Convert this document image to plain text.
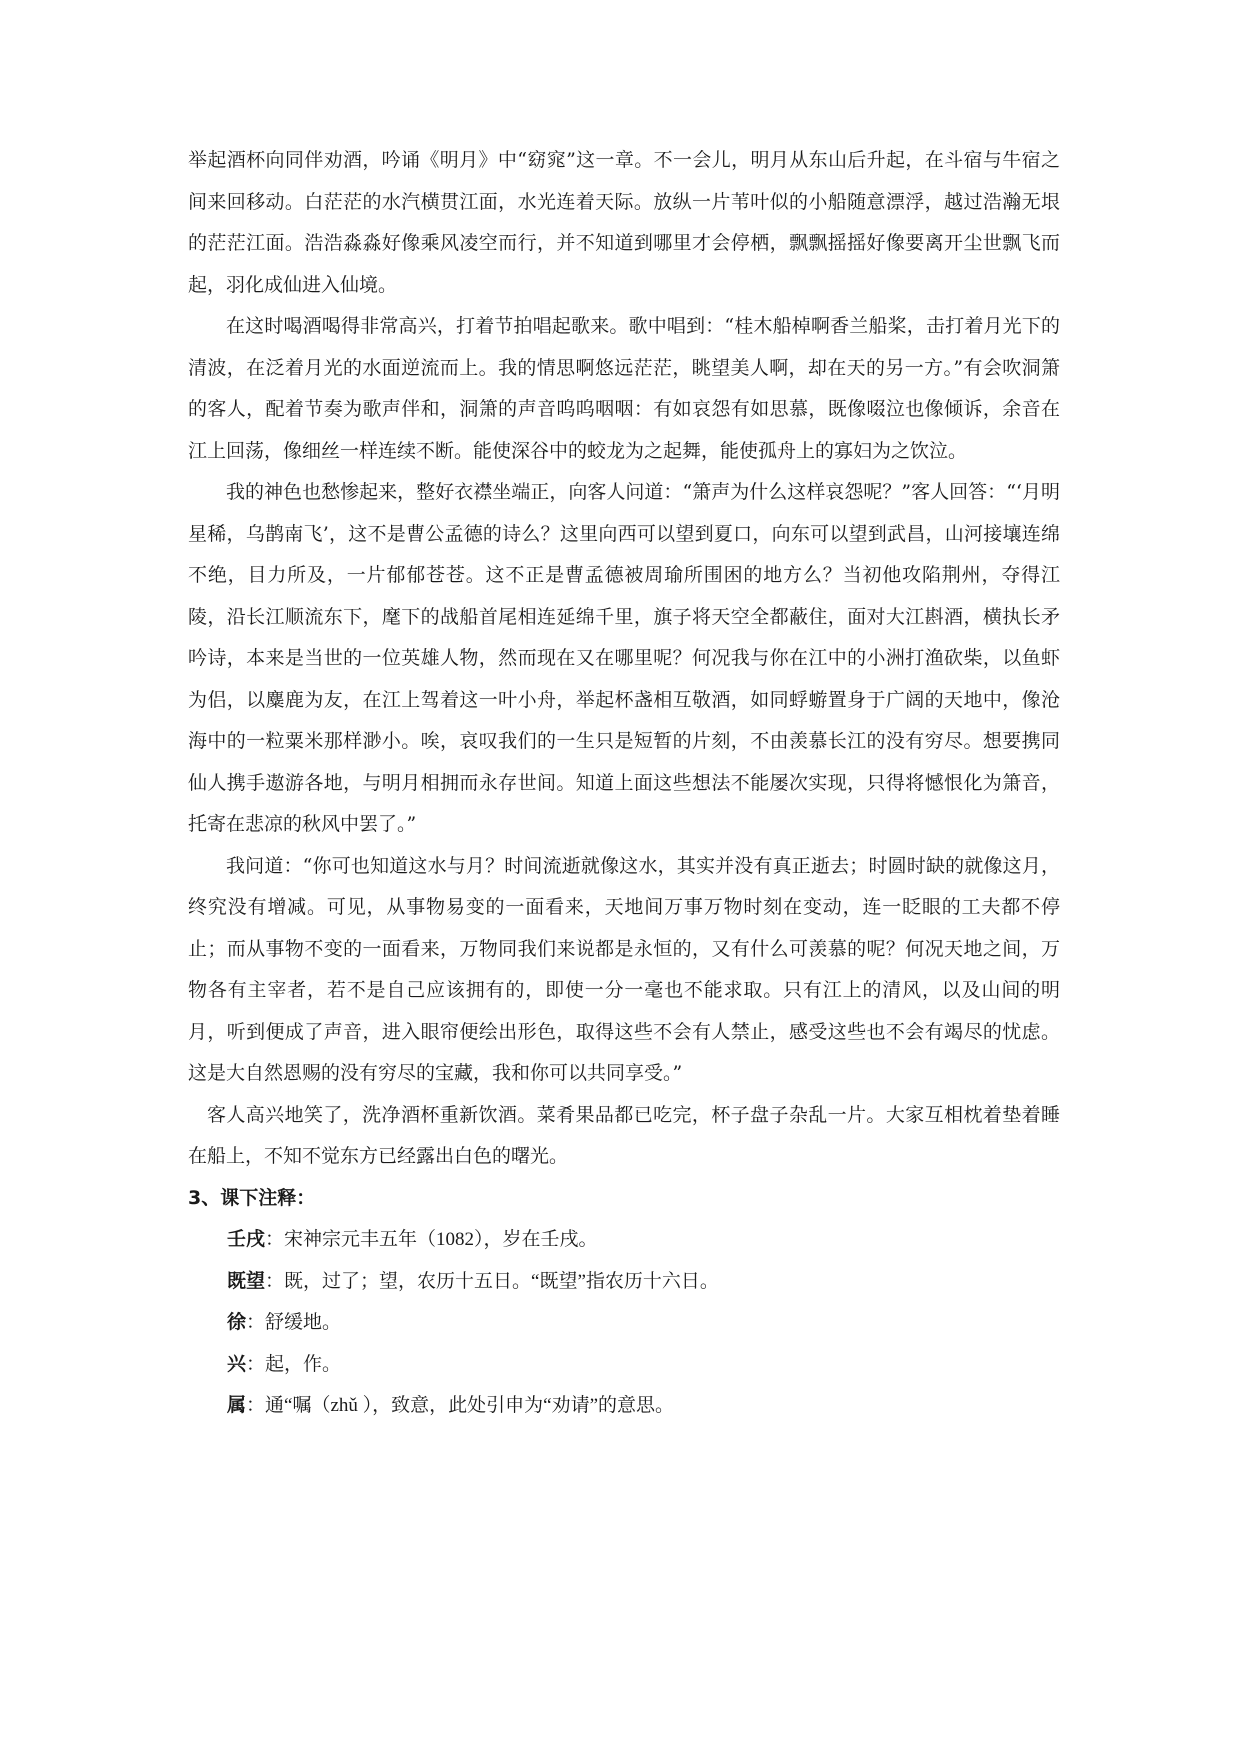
举起酒杯向同伴劝酒，吟诵《明月》中“窈窕”这一章。不一会儿，明月从东山后升起，在斗宿与牛宿之间来回移动。白茫茫的水汽横贯江面，水光连着天际。放纵一片苇叶似的小船随意漂浮，越过浩瀚无垠的茫茫江面。浩浩淼淼好像乘风凌空而行，并不知道到哪里才会停栖，飘飘摇摇好像要离开尘世飘飞而起，羽化成仙进入仙境。

在这时喝酒喝得非常高兴，打着节拍唱起歌来。歌中唱到：“桂木船棹啊香兰船桨，击打着月光下的清波，在泛着月光的水面逆流而上。我的情思啊悠远茫茫，眺望美人啊，却在天的另一方。”有会吹洞箫的客人，配着节奏为歌声伴和，洞箫的声音呜呜咽咽：有如哀怨有如思慕，既像啜泣也像倾诉，余音在江上回荡，像细丝一样连续不断。能使深谷中的蛟龙为之起舞，能使孤舟上的寡妇为之饮泣。

我的神色也愁惨起来，整好衣襟坐端正，向客人问道：“箫声为什么这样哀怨呢？”客人回答：“‘月明星稀，乌鹊南飞’，这不是曹公孟德的诗么？这里向西可以望到夏口，向东可以望到武昌，山河接壤连绵不绝，目力所及，一片郁郁苍苍。这不正是曹孟德被周瑜所围困的地方么？当初他攻陷荆州，夺得江陵，沿长江顺流东下，麾下的战船首尾相连延绵千里，旗子将天空全都蔽住，面对大江斟酒，横执长矛吟诗，本来是当世的一位英雄人物，然而现在又在哪里呢？何况我与你在江中的小洲打渔砍柴，以鱼虾为侣，以麋鹿为友，在江上驾着这一叶小舟，举起杯盏相互敬酒，如同蜉蝣置身于广阔的天地中，像沧海中的一粒粟米那样渺小。唉，哀叹我们的一生只是短暂的片刻，不由羡慕长江的没有穷尽。想要携同仙人携手遨游各地，与明月相拥而永存世间。知道上面这些想法不能屡次实现，只得将憾恨化为箫音，托寄在悲凉的秋风中罢了。”

我问道：“你可也知道这水与月？时间流逝就像这水，其实并没有真正逝去；时圆时缺的就像这月，终究没有增减。可见，从事物易变的一面看来，天地间万事万物时刻在变动，连一眨眼的工夫都不停止；而从事物不变的一面看来，万物同我们来说都是永恒的，又有什么可羡慕的呢？何况天地之间，万物各有主宰者，若不是自己应该拥有的，即使一分一毫也不能求取。只有江上的清风，以及山间的明月，听到便成了声音，进入眼帘便绘出形色，取得这些不会有人禁止，感受这些也不会有竭尽的忧虑。这是大自然恩赐的没有穷尽的宝藏，我和你可以共同享受。”

客人高兴地笑了，洗净酒杯重新饮酒。菜肴果品都已吃完，杯子盘子杂乱一片。大家互相枕着垫着睡在船上，不知不觉东方已经露出白色的曙光。

3、课下注释：

壬戌：宋神宗元丰五年（1082），岁在壬戌。

既望：既，过了；望，农历十五日。“既望”指农历十六日。

徐：舒缓地。

兴：起，作。

属：通“嘱（zhǔ ），致意，此处引申为“劝请”的意思。
